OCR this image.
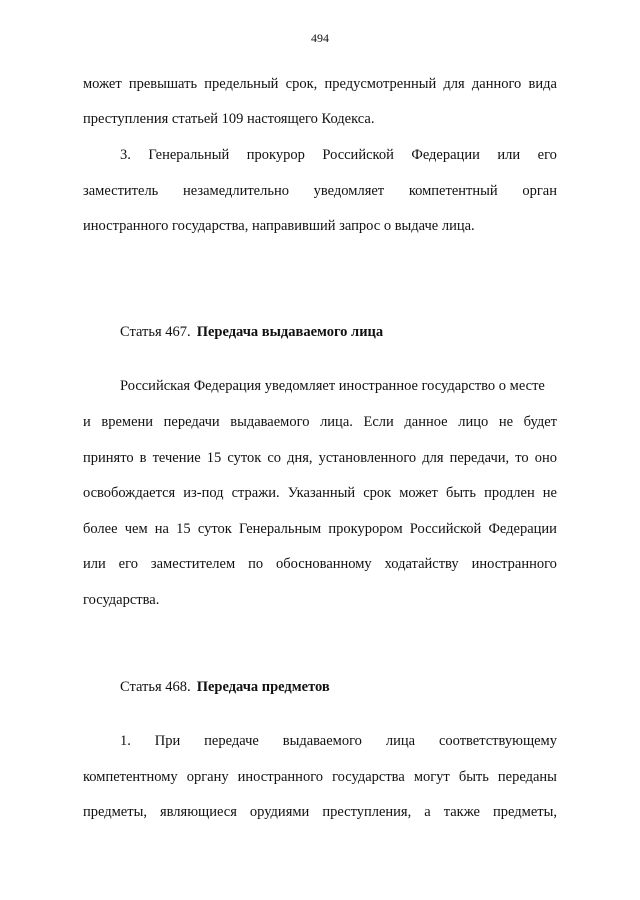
494
может превышать предельный срок, предусмотренный для данного вида
преступления статьей 109 настоящего Кодекса.
3. Генеральный прокурор Российской Федерации или его
заместитель незамедлительно уведомляет компетентный орган
иностранного государства, направивший запрос о выдаче лица.
Статья 467. Передача выдаваемого лица
Российская Федерация уведомляет иностранное государство о месте
и времени передачи выдаваемого лица. Если данное лицо не будет
принято в течение 15 суток со дня, установленного для передачи, то оно
освобождается из-под стражи. Указанный срок может быть продлен не
более чем на 15 суток Генеральным прокурором Российской Федерации
или его заместителем по обоснованному ходатайству иностранного
государства.
Статья 468. Передача предметов
1. При передаче выдаваемого лица соответствующему
компетентному органу иностранного государства могут быть переданы
предметы, являющиеся орудиями преступления, а также предметы,
